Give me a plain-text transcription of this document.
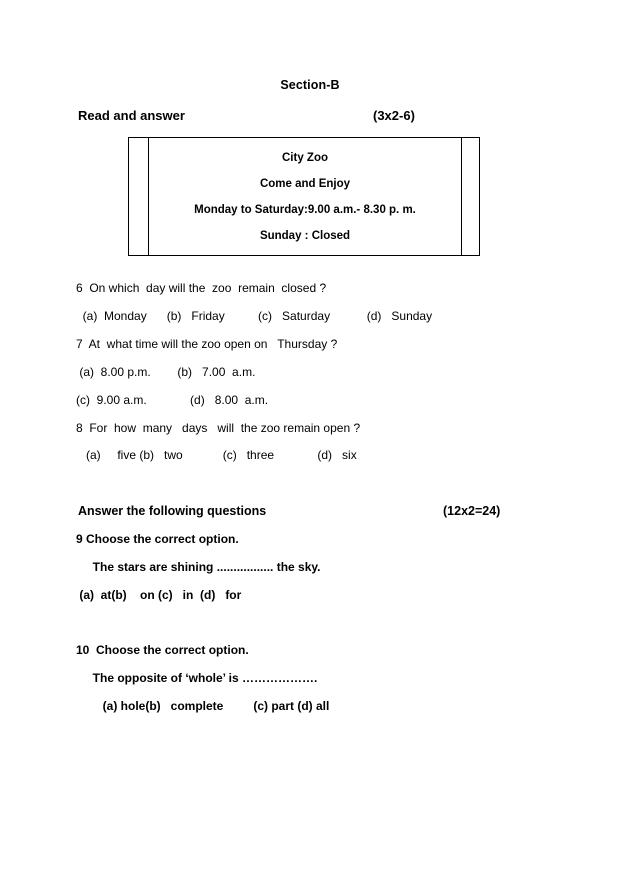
Section-B
Read and answer	(3x2-6)

City Zoo
Come and Enjoy
Monday to Saturday:9.00 a.m.- 8.30 p. m.
Sunday : Closed

6  On which  day will the  zoo  remain  closed ?
(a)  Monday      (b)   Friday          (c)   Saturday           (d)   Sunday
7  At  what time will the zoo open on   Thursday ?
(a)  8.00 p.m.        (b)   7.00  a.m.
(c)  9.00 a.m.             (d)   8.00  a.m.
8  For  how  many   days   will  the zoo remain open ?
(a)     five (b)   two            (c)   three             (d)   six
Answer the following questions	(12x2=24)
9 Choose the correct option.
The stars are shining ................. the sky.
(a)  at(b)    on (c)   in  (d)   for
10  Choose the correct option.
The opposite of ‘whole’ is ……………….
(a) hole(b)   complete         (c) part (d) all
